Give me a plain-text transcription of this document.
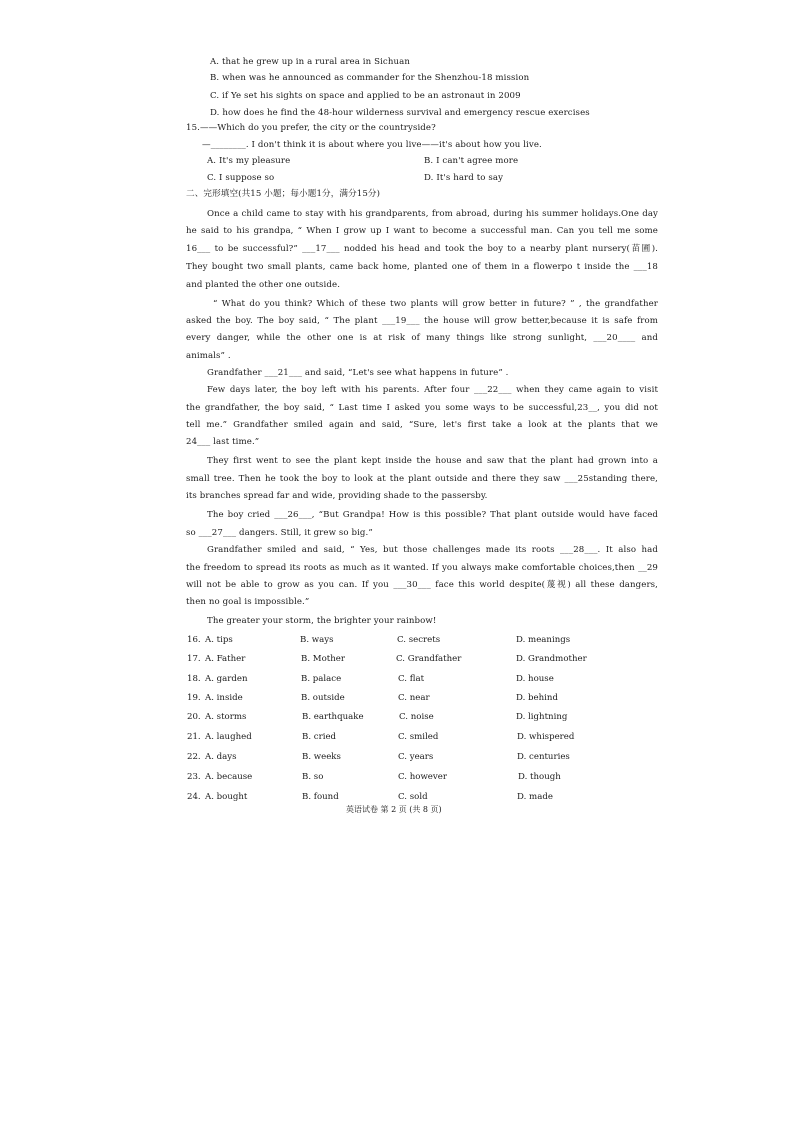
A. that he grew up in a rural area in Sichuan
B. when was he announced as commander for the Shenzhou-18 mission
C. if Ye set his sights on space and applied to be an astronaut in 2009
D. how does he find the 48-hour wilderness survival and emergency rescue exercises
15.——Which do you prefer, the city or the countryside?
—________. I don't think it is about where you live——it's about how you live.
A. It's my pleasure	B. I can't agree more
C. I suppose so	D. It's hard to say
二、完形填空(共15 小题；每小题1分，满分15分)
Once a child came to stay with his grandparents, from abroad, during his summer holidays.One day
he said to his grandpa, “ When I grow up I want to become a successful man. Can you tell me some
16___ to be successful?” ___17___ nodded his head and took the boy to a nearby plant nursery(苗圃).
They bought two small plants, came back home, planted one of them in a flowerpo t inside the ___18
and planted the other one outside.
“ What do you think? Which of these two plants will grow better in future? ” , the grandfather
asked the boy. The boy said, “ The plant ___19___ the house will grow better,because it is safe from
every danger, while the other one is at risk of many things like strong sunlight, ___20____ and
animals” .
Grandfather ___21___ and said, “Let's see what happens in future” .
Few days later, the boy left with his parents. After four ___22___ when they came again to visit
the grandfather, the boy said, “ Last time I asked you some ways to be successful,23__, you did not
tell me.” Grandfather smiled again and said, “Sure, let's first take a look at the plants that we
24___ last time.”
They first went to see the plant kept inside the house and saw that the plant had grown into a
small tree. Then he took the boy to look at the plant outside and there they saw ___25standing there,
its branches spread far and wide, providing shade to the passersby.
The boy cried ___26___, “But Grandpa! How is this possible? That plant outside would have faced
so ___27___ dangers. Still, it grew so big.”
Grandfather smiled and said, “ Yes, but those challenges made its roots ___28___. It also had
the freedom to spread its roots as much as it wanted. If you always make comfortable choices,then __29
will not be able to grow as you can. If you ___30___ face this world despite(蔑视) all these dangers,
then no goal is impossible.”
The greater your storm, the brighter your rainbow!
16. A. tips	B. ways	C. secrets	D. meanings
17. A. Father	B. Mother	C. Grandfather	D. Grandmother
18. A. garden	B. palace	C. flat	D. house
19. A. inside	B. outside	C. near	D. behind
20. A. storms	B. earthquake	C. noise	D. lightning
21. A. laughed	B. cried	C. smiled	D. whispered
22. A. days	B. weeks	C. years	D. centuries
23. A. because	B. so	C. however	D. though
24. A. bought	B. found	C. sold	D. made
英语试卷 第 2 页 (共 8 页)
